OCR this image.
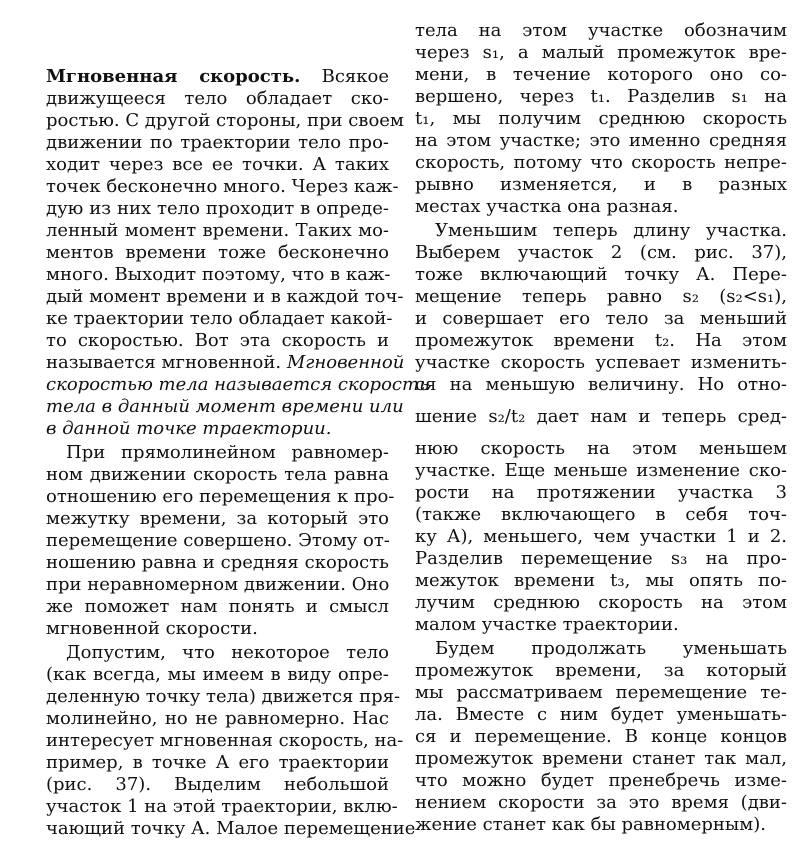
Мгновенная скорость. Всякое
движущееся тело обладает ско-
ростью. С другой стороны, при своем
движении по траектории тело про-
ходит через все ее точки. А таких
точек бесконечно много. Через каж-
дую из них тело проходит в опреде-
ленный момент времени. Таких мо-
ментов времени тоже бесконечно
много. Выходит поэтому, что в каж-
дый момент времени и в каждой точ-
ке траектории тело обладает какой-
то скоростью. Вот эта скорость и
называется мгновенной. Мгновенной
скоростью тела называется скорость
тела в данный момент времени или
в данной точке траектории.
При прямолинейном равномер-
ном движении скорость тела равна
отношению его перемещения к про-
межутку времени, за который это
перемещение совершено. Этому от-
ношению равна и средняя скорость
при неравномерном движении. Оно
же поможет нам понять и смысл
мгновенной скорости.
Допустим, что некоторое тело
(как всегда, мы имеем в виду опре-
деленную точку тела) движется пря-
молинейно, но не равномерно. Нас
интересует мгновенная скорость, на-
пример, в точке А его траектории
(рис. 37). Выделим небольшой
участок 1 на этой траектории, вклю-
чающий точку А. Малое перемещение
тела на этом участке обозначим
через s₁, а малый промежуток вре-
мени, в течение которого оно со-
вершено, через t₁. Разделив s₁ на
t₁, мы получим среднюю скорость
на этом участке; это именно средняя
скорость, потому что скорость непре-
рывно изменяется, и в разных
местах участка она разная.
Уменьшим теперь длину участка.
Выберем участок 2 (см. рис. 37),
тоже включающий точку А. Пере-
мещение теперь равно s₂ (s₂<s₁),
и совершает его тело за меньший
промежуток времени t₂. На этом
участке скорость успевает изменить-
ся на меньшую величину. Но отно-
шение s₂/t₂ дает нам и теперь сред-
нюю скорость на этом меньшем
участке. Еще меньше изменение ско-
рости на протяжении участка 3
(также включающего в себя точ-
ку А), меньшего, чем участки 1 и 2.
Разделив перемещение s₃ на про-
межуток времени t₃, мы опять по-
лучим среднюю скорость на этом
малом участке траектории.
Будем продолжать уменьшать
промежуток времени, за который
мы рассматриваем перемещение те-
ла. Вместе с ним будет уменьшать-
ся и перемещение. В конце концов
промежуток времени станет так мал,
что можно будет пренебречь изме-
нением скорости за это время (дви-
жение станет как бы равномерным).
